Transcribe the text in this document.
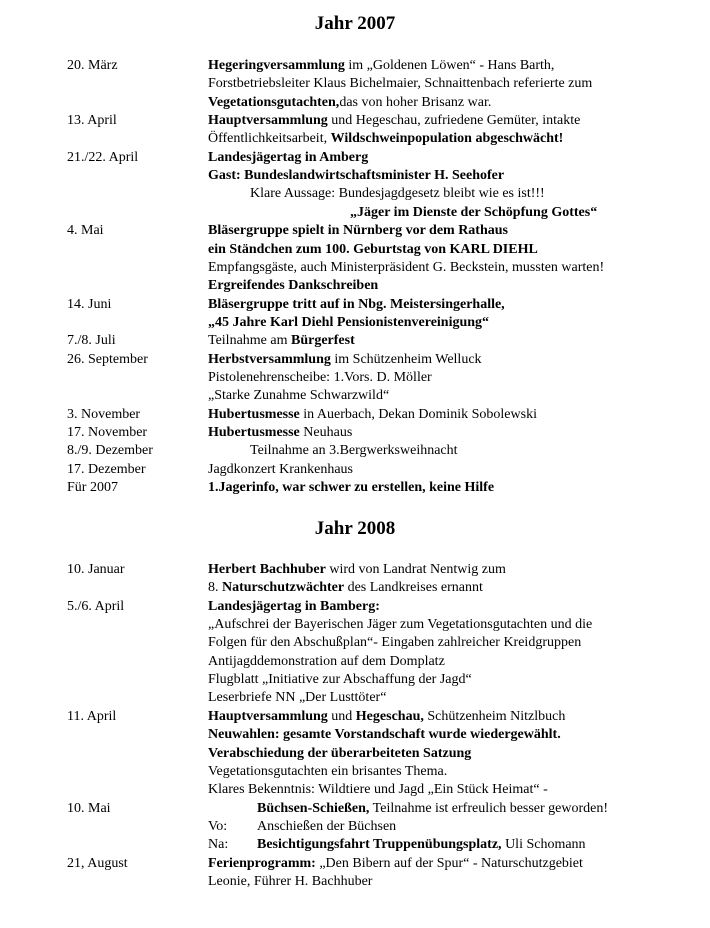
Jahr 2007
20. März	Hegeringversammlung im „Goldenen Löwen“ - Hans Barth,
Forstbetriebsleiter Klaus Bichelmaier, Schnaittenbach referierte zum
Vegetationsgutachten,das von hoher Brisanz war.
13. April	Hauptversammlung und Hegeschau, zufriedene Gemüter, intakte
Öffentlichkeitsarbeit, Wildschweinpopulation abgeschwächt!
21./22. April	Landesjägertag in Amberg
Gast: Bundeslandwirtschaftsminister H. Seehofer
Klare Aussage: Bundesjagdgesetz bleibt wie es ist!!!
„Jäger im Dienste der Schöpfung Gottes“
4. Mai	Bläsergruppe spielt in Nürnberg vor dem Rathaus
ein Ständchen zum 100. Geburtstag von KARL DIEHL
Empfangsgäste, auch Ministerpräsident G. Beckstein, mussten warten!
Ergreifendes Dankschreiben
14. Juni	Bläsergruppe tritt auf in Nbg. Meistersingerhalle,
„45 Jahre Karl Diehl Pensionistenvereinigung“
7./8. Juli	Teilnahme am Bürgerfest
26. September	Herbstversammlung im Schützenheim Welluck
Pistolenehrenscheibe: 1.Vors. D. Möller
„Starke Zunahme Schwarzwild“
3. November	Hubertusmesse in Auerbach, Dekan Dominik Sobolewski
17. November	Hubertusmesse Neuhaus
8./9. Dezember	Teilnahme an 3.Bergwerksweihnacht
17. Dezember	Jagdkonzert Krankenhaus
Für 2007	1.Jagerinfo, war schwer zu erstellen, keine Hilfe
Jahr 2008
10. Januar	Herbert Bachhuber wird von Landrat Nentwig zum
8. Naturschutzwächter des Landkreises ernannt
5./6. April	Landesjägertag in Bamberg:
„Aufschrei der Bayerischen Jäger zum Vegetationsgutachten und die
Folgen für den Abschußplan“- Eingaben zahlreicher Kreidgruppen
Antijagddemonstration auf dem Domplatz
Flugblatt „Initiative zur Abschaffung der Jagd“
Leserbriefe NN „Der Lusttöter“
11. April	Hauptversammlung und Hegeschau, Schützenheim Nitzlbuch
Neuwahlen: gesamte Vorstandschaft wurde wiedergewählt.
Verabschiedung der überarbeiteten Satzung
Vegetationsgutachten ein brisantes Thema.
Klares Bekenntnis: Wildtiere und Jagd „Ein Stück Heimat“ -
10. Mai	Büchsen-Schießen, Teilnahme ist erfreulich besser geworden!
Vo: Anschießen der Büchsen
Na: Besichtigungsfahrt Truppenübungsplatz, Uli Schomann
21, August	Ferienprogramm: „Den Bibern auf der Spur“ - Naturschutzgebiet
Leonie, Führer H. Bachhuber
